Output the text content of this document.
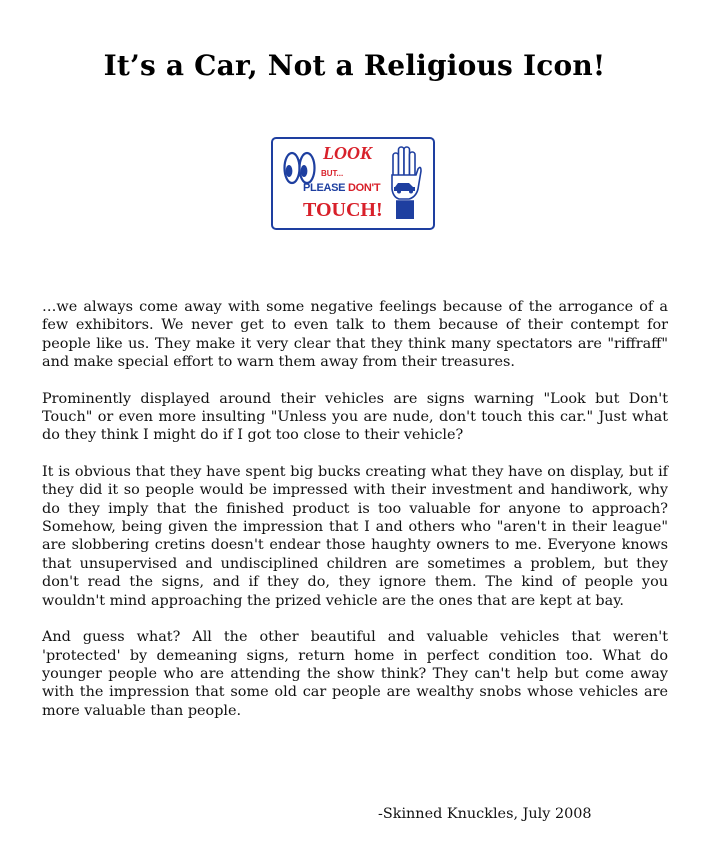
It’s a Car, Not a Religious Icon!
LOOK
BUT...
PLEASE DON'T
TOUCH!

…we always come away with some negative feelings because of the arrogance of a few exhibitors. We never get to even talk to them because of their contempt for people like us. They make it very clear that they think many spectators are "riffraff" and make special effort to warn them away from their treasures.

Prominently displayed around their vehicles are signs warning "Look but Don't Touch" or even more insulting "Unless you are nude, don't touch this car." Just what do they think I might do if I got too close to their vehicle?

It is obvious that they have spent big bucks creating what they have on display, but if they did it so people would be impressed with their investment and handiwork, why do they imply that the finished product is too valuable for anyone to approach? Somehow, being given the impression that I and others who "aren't in their league" are slobbering cretins doesn't endear those haughty owners to me. Everyone knows that unsupervised and undisciplined children are sometimes a problem, but they don't read the signs, and if they do, they ignore them. The kind of people you wouldn't mind approaching the prized vehicle are the ones that are kept at bay.

And guess what? All the other beautiful and valuable vehicles that weren't 'protected' by demeaning signs, return home in perfect condition too. What do younger people who are attending the show think? They can't help but come away with the impression that some old car people are wealthy snobs whose vehicles are more valuable than people.

-Skinned Knuckles, July 2008
